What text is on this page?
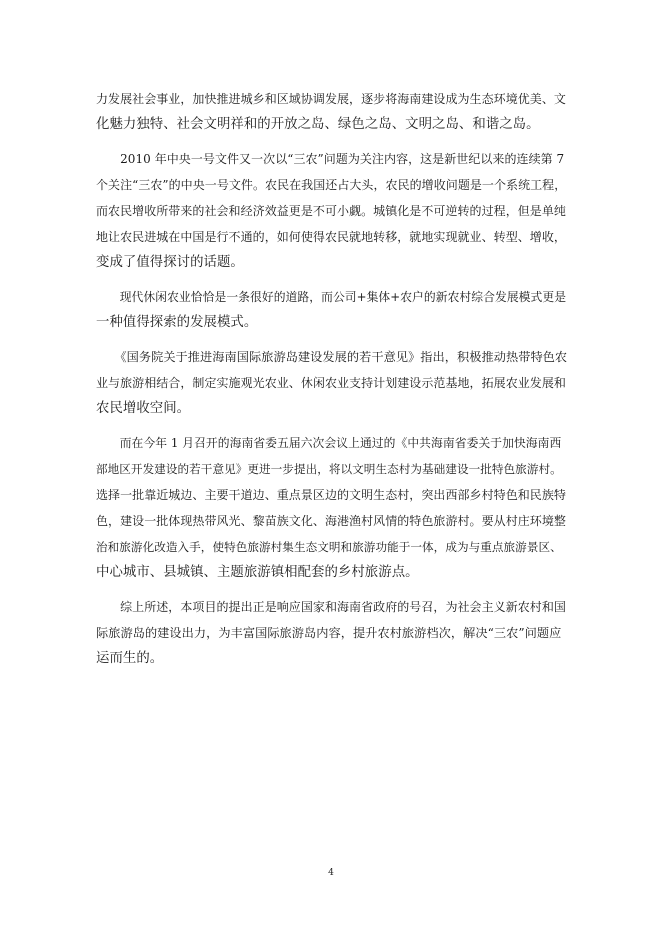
力发展社会事业，加快推进城乡和区域协调发展，逐步将海南建设成为生态环境优美、文
化魅力独特、社会文明祥和的开放之岛、绿色之岛、文明之岛、和谐之岛。

　　2010 年中央一号文件又一次以“三农”问题为关注内容，这是新世纪以来的连续第 7
个关注“三农”的中央一号文件。农民在我国还占大头，农民的增收问题是一个系统工程，
而农民增收所带来的社会和经济效益更是不可小觑。城镇化是不可逆转的过程，但是单纯
地让农民进城在中国是行不通的，如何使得农民就地转移，就地实现就业、转型、增收，
变成了值得探讨的话题。

　　现代休闲农业恰恰是一条很好的道路，而公司+集体+农户的新农村综合发展模式更是
一种值得探索的发展模式。

　　《国务院关于推进海南国际旅游岛建设发展的若干意见》指出，积极推动热带特色农
业与旅游相结合，制定实施观光农业、休闲农业支持计划建设示范基地，拓展农业发展和
农民增收空间。

　　而在今年 1 月召开的海南省委五届六次会议上通过的《中共海南省委关于加快海南西
部地区开发建设的若干意见》更进一步提出，将以文明生态村为基础建设一批特色旅游村。
选择一批靠近城边、主要干道边、重点景区边的文明生态村，突出西部乡村特色和民族特
色，建设一批体现热带风光、黎苗族文化、海港渔村风情的特色旅游村。要从村庄环境整
治和旅游化改造入手，使特色旅游村集生态文明和旅游功能于一体，成为与重点旅游景区、
中心城市、县城镇、主题旅游镇相配套的乡村旅游点。

　　综上所述，本项目的提出正是响应国家和海南省政府的号召，为社会主义新农村和国
际旅游岛的建设出力，为丰富国际旅游岛内容，提升农村旅游档次，解决“三农”问题应
运而生的。

4
